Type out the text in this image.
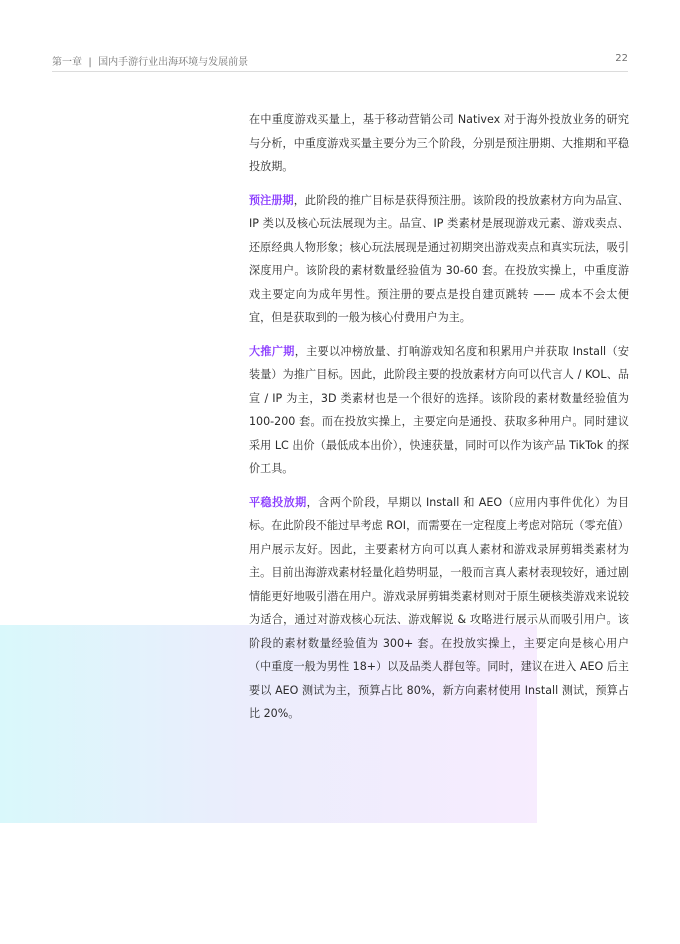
第一章 | 国内手游行业出海环境与发展前景	22

在中重度游戏买量上，基于移动营销公司 Nativex 对于海外投放业务的研究与分析，中重度游戏买量主要分为三个阶段，分别是预注册期、大推期和平稳投放期。

预注册期，此阶段的推广目标是获得预注册。该阶段的投放素材方向为品宣、IP 类以及核心玩法展现为主。品宣、IP 类素材是展现游戏元素、游戏卖点、还原经典人物形象；核心玩法展现是通过初期突出游戏卖点和真实玩法，吸引深度用户。该阶段的素材数量经验值为 30-60 套。在投放实操上，中重度游戏主要定向为成年男性。预注册的要点是投自建页跳转 —— 成本不会太便宜，但是获取到的一般为核心付费用户为主。

大推广期，主要以冲榜放量、打响游戏知名度和积累用户并获取 Install（安装量）为推广目标。因此，此阶段主要的投放素材方向可以代言人 / KOL、品宣 / IP 为主，3D 类素材也是一个很好的选择。该阶段的素材数量经验值为 100-200 套。而在投放实操上，主要定向是通投、获取多种用户。同时建议采用 LC 出价（最低成本出价），快速获量，同时可以作为该产品 TikTok 的探价工具。

平稳投放期，含两个阶段，早期以 Install 和 AEO（应用内事件优化）为目标。在此阶段不能过早考虑 ROI，而需要在一定程度上考虑对陪玩（零充值）用户展示友好。因此，主要素材方向可以真人素材和游戏录屏剪辑类素材为主。目前出海游戏素材轻量化趋势明显，一般而言真人素材表现较好，通过剧情能更好地吸引潜在用户。游戏录屏剪辑类素材则对于原生硬核类游戏来说较为适合，通过对游戏核心玩法、游戏解说 & 攻略进行展示从而吸引用户。该阶段的素材数量经验值为 300+ 套。在投放实操上，主要定向是核心用户（中重度一般为男性 18+）以及品类人群包等。同时，建议在进入 AEO 后主要以 AEO 测试为主，预算占比 80%，新方向素材使用 Install 测试，预算占比 20%。
